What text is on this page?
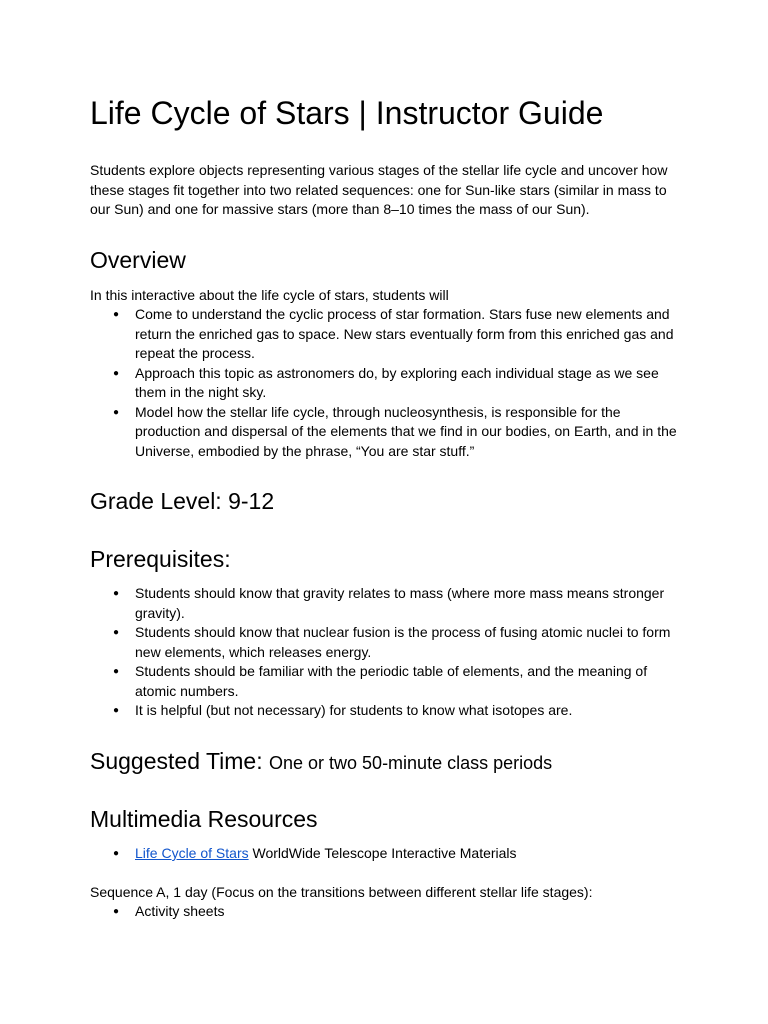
Life Cycle of Stars | Instructor Guide

Students explore objects representing various stages of the stellar life cycle and uncover how these stages fit together into two related sequences: one for Sun-like stars (similar in mass to our Sun) and one for massive stars (more than 8–10 times the mass of our Sun).

Overview

In this interactive about the life cycle of stars, students will

● Come to understand the cyclic process of star formation. Stars fuse new elements and return the enriched gas to space. New stars eventually form from this enriched gas and repeat the process.
● Approach this topic as astronomers do, by exploring each individual stage as we see them in the night sky.
● Model how the stellar life cycle, through nucleosynthesis, is responsible for the production and dispersal of the elements that we find in our bodies, on Earth, and in the Universe, embodied by the phrase, “You are star stuff.”
Grade Level: 9-12
Prerequisites:
● Students should know that gravity relates to mass (where more mass means stronger gravity).
● Students should know that nuclear fusion is the process of fusing atomic nuclei to form new elements, which releases energy.
● Students should be familiar with the periodic table of elements, and the meaning of atomic numbers.
● It is helpful (but not necessary) for students to know what isotopes are.
Suggested Time: One or two 50-minute class periods
Multimedia Resources
● Life Cycle of Stars WorldWide Telescope Interactive Materials

Sequence A, 1 day (Focus on the transitions between different stellar life stages):

● Activity sheets
